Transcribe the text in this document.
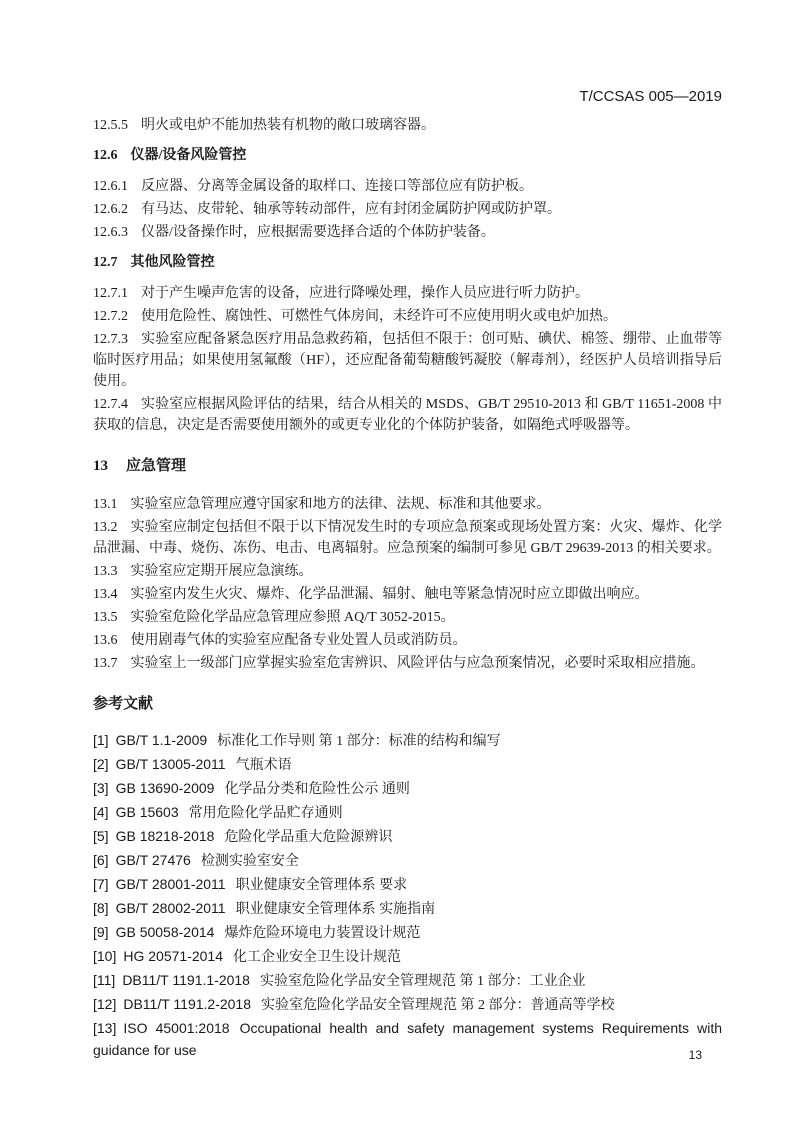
T/CCSAS 005—2019

12.5.5 明火或电炉不能加热装有机物的敞口玻璃容器。

12.6 仪器/设备风险管控

12.6.1 反应器、分离等金属设备的取样口、连接口等部位应有防护板。

12.6.2 有马达、皮带轮、轴承等转动部件，应有封闭金属防护网或防护罩。

12.6.3 仪器/设备操作时，应根据需要选择合适的个体防护装备。

12.7 其他风险管控

12.7.1 对于产生噪声危害的设备，应进行降噪处理，操作人员应进行听力防护。

12.7.2 使用危险性、腐蚀性、可燃性气体房间，未经许可不应使用明火或电炉加热。

12.7.3 实验室应配备紧急医疗用品急救药箱，包括但不限于：创可贴、碘伏、棉签、绷带、止血带等临时医疗用品；如果使用氢氟酸（HF），还应配备葡萄糖酸钙凝胶（解毒剂），经医护人员培训指导后使用。

12.7.4 实验室应根据风险评估的结果，结合从相关的 MSDS、GB/T 29510-2013 和 GB/T 11651-2008 中获取的信息，决定是否需要使用额外的或更专业化的个体防护装备，如隔绝式呼吸器等。

13 应急管理

13.1 实验室应急管理应遵守国家和地方的法律、法规、标准和其他要求。

13.2 实验室应制定包括但不限于以下情况发生时的专项应急预案或现场处置方案：火灾、爆炸、化学品泄漏、中毒、烧伤、冻伤、电击、电离辐射。应急预案的编制可参见 GB/T 29639-2013 的相关要求。

13.3 实验室应定期开展应急演练。

13.4 实验室内发生火灾、爆炸、化学品泄漏、辐射、触电等紧急情况时应立即做出响应。

13.5 实验室危险化学品应急管理应参照 AQ/T 3052-2015。

13.6 使用剧毒气体的实验室应配备专业处置人员或消防员。

13.7 实验室上一级部门应掌握实验室危害辨识、风险评估与应急预案情况，必要时采取相应措施。

参考文献

[1] GB/T 1.1-2009 标准化工作导则 第 1 部分：标准的结构和编写

[2] GB/T 13005-2011 气瓶术语

[3] GB 13690-2009 化学品分类和危险性公示 通则

[4] GB 15603 常用危险化学品贮存通则

[5] GB 18218-2018 危险化学品重大危险源辨识

[6] GB/T 27476 检测实验室安全

[7] GB/T 28001-2011 职业健康安全管理体系 要求

[8] GB/T 28002-2011 职业健康安全管理体系 实施指南

[9] GB 50058-2014 爆炸危险环境电力装置设计规范

[10] HG 20571-2014 化工企业安全卫生设计规范

[11] DB11/T 1191.1-2018 实验室危险化学品安全管理规范 第 1 部分：工业企业

[12] DB11/T 1191.2-2018 实验室危险化学品安全管理规范 第 2 部分：普通高等学校

[13] ISO 45001:2018 Occupational health and safety management systems Requirements with guidance for use	13
